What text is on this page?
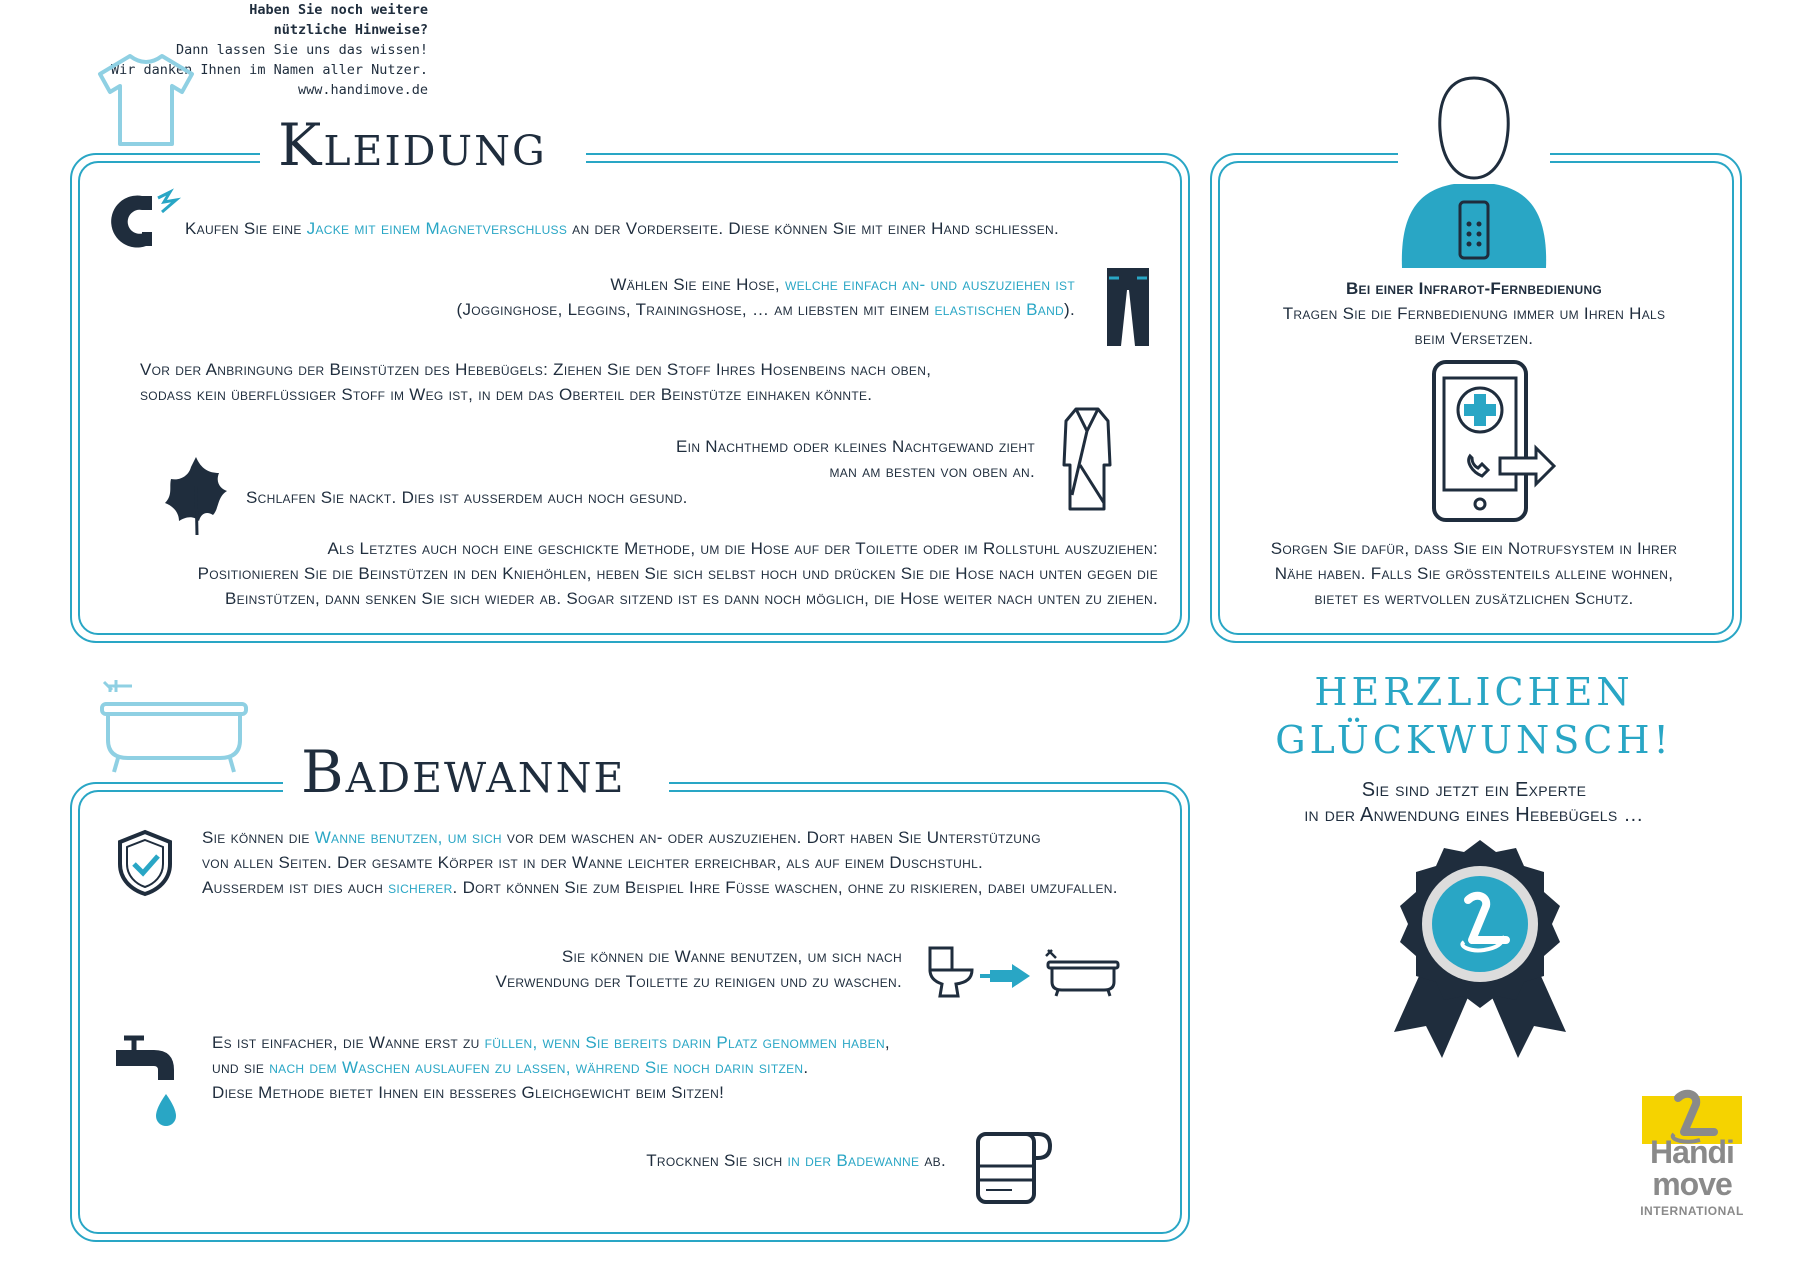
Kleidung
Kaufen Sie eine Jacke mit einem Magnetverschluss an der Vorderseite. Diese können Sie mit einer Hand schliessen.
Wählen Sie eine Hose, welche einfach an- und auszuziehen ist
(Jogginghose, Leggins, Trainingshose, … am liebsten mit einem elastischen Band).
Vor der Anbringung der Beinstützen des Hebebügels: Ziehen Sie den Stoff Ihres Hosenbeins nach oben,
sodass kein überflüssiger Stoff im Weg ist, in dem das Oberteil der Beinstütze einhaken könnte.
Ein Nachthemd oder kleines Nachtgewand zieht
man am besten von oben an.
Schlafen Sie nackt. Dies ist ausserdem auch noch gesund.
Als Letztes auch noch eine geschickte Methode, um die Hose auf der Toilette oder im Rollstuhl auszuziehen:
Positionieren Sie die Beinstützen in den Kniehöhlen, heben Sie sich selbst hoch und drücken Sie die Hose nach unten gegen die
Beinstützen, dann senken Sie sich wieder ab. Sogar sitzend ist es dann noch möglich, die Hose weiter nach unten zu ziehen.
Bei einer Infrarot-Fernbedienung
Tragen Sie die Fernbedienung immer um Ihren Hals
beim Versetzen.
Sorgen Sie dafür, dass Sie ein Notrufsystem in Ihrer
Nähe haben. Falls Sie grösstenteils alleine wohnen,
bietet es wertvollen zusätzlichen Schutz.
Badewanne
Sie können die Wanne benutzen, um sich vor dem waschen an- oder auszuziehen. Dort haben Sie Unterstützung
von allen Seiten. Der gesamte Körper ist in der Wanne leichter erreichbar, als auf einem Duschstuhl.
Ausserdem ist dies auch sicherer. Dort können Sie zum Beispiel Ihre Füsse waschen, ohne zu riskieren, dabei umzufallen.
Sie können die Wanne benutzen, um sich nach
Verwendung der Toilette zu reinigen und zu waschen.
Es ist einfacher, die Wanne erst zu füllen, wenn Sie bereits darin Platz genommen haben,
und sie nach dem Waschen auslaufen zu lassen, während Sie noch darin sitzen.
Diese Methode bietet Ihnen ein besseres Gleichgewicht beim Sitzen!
Trocknen Sie sich in der Badewanne ab.
HERZLICHEN
GLÜCKWUNSCH!
Sie sind jetzt ein Experte
in der Anwendung eines Hebebügels …
Haben Sie noch weitere
nützliche Hinweise?
Dann lassen Sie uns das wissen!
Wir danken Ihnen im Namen aller Nutzer.
www.handimove.de
Handi
move
INTERNATIONAL
